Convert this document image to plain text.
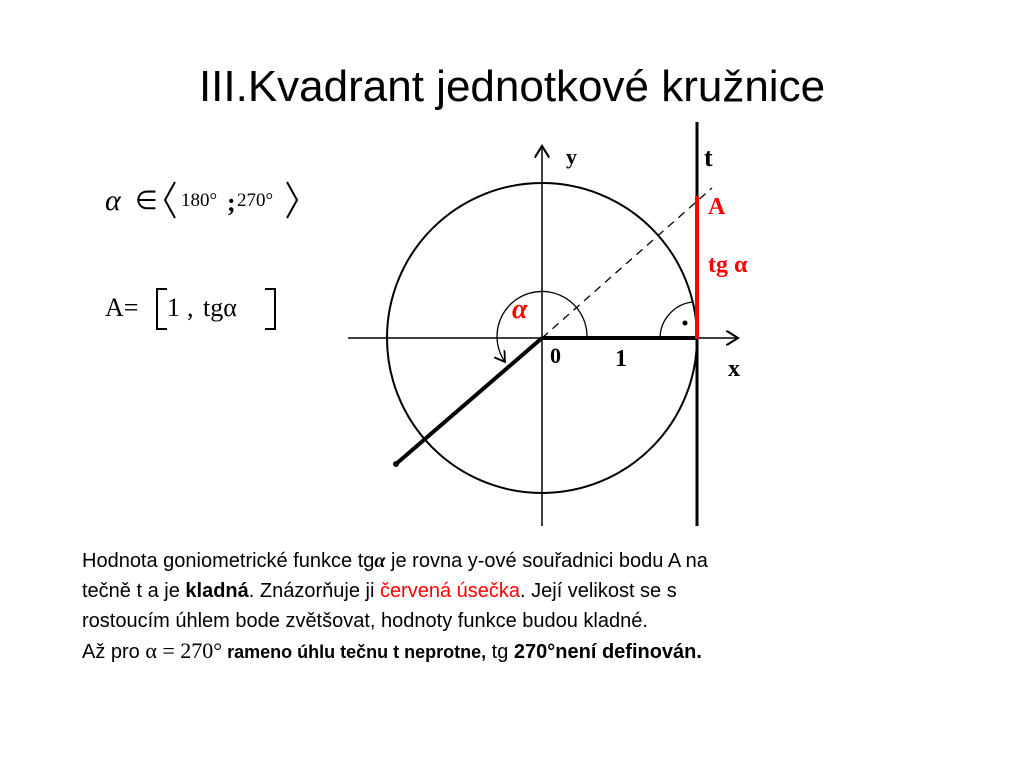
III.Kvadrant jednotkové kružnice
α ∈ 180° ; 270°
A= 1 , tgα
y
x
t
A
tg α
α
0 1

Hodnota goniometrické funkce tgα je rovna y-ové souřadnici bodu A na

tečně t a je kladná. Znázorňuje ji červená úsečka. Její velikost se s

rostoucím úhlem bode zvětšovat, hodnoty funkce budou kladné.

Až pro α = 270° rameno úhlu tečnu t neprotne, tg 270°není definován.
